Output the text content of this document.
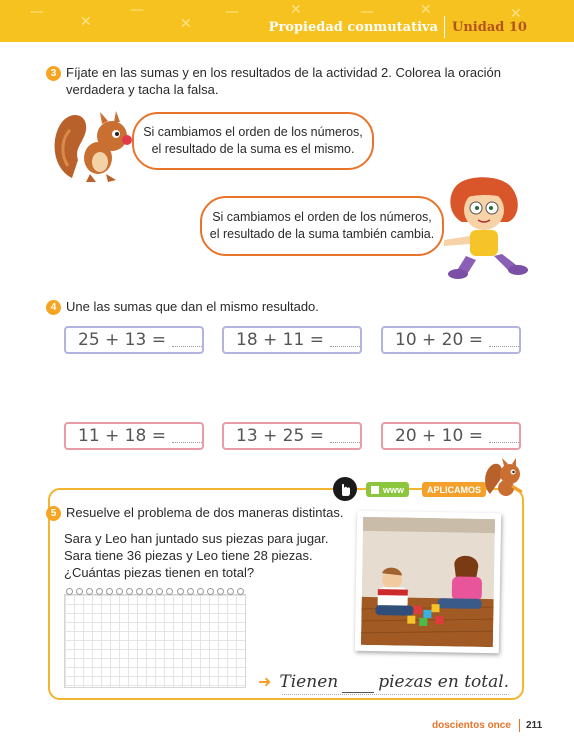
—
✕
—
✕
—	✕	—	✕	✕
Propiedad conmutativa Unidad 10
3 Fíjate en las sumas y en los resultados de la actividad 2. Colorea la oración verdadera y tacha la falsa.
Si cambiamos el orden de los números,
el resultado de la suma es el mismo.
Si cambiamos el orden de los números,
el resultado de la suma también cambia.
4 Une las sumas que dan el mismo resultado.
25 + 13 =	18 + 11 =	10 + 20 =
11 + 18 =	13 + 25 =	20 + 10 =
www	APLICAMOS
5 Resuelve el problema de dos maneras distintas.
Sara y Leo han juntado sus piezas para jugar.
Sara tiene 36 piezas y Leo tiene 28 piezas.
¿Cuántas piezas tienen en total?
➜ Tienen piezas en total.
doscientos once 211
